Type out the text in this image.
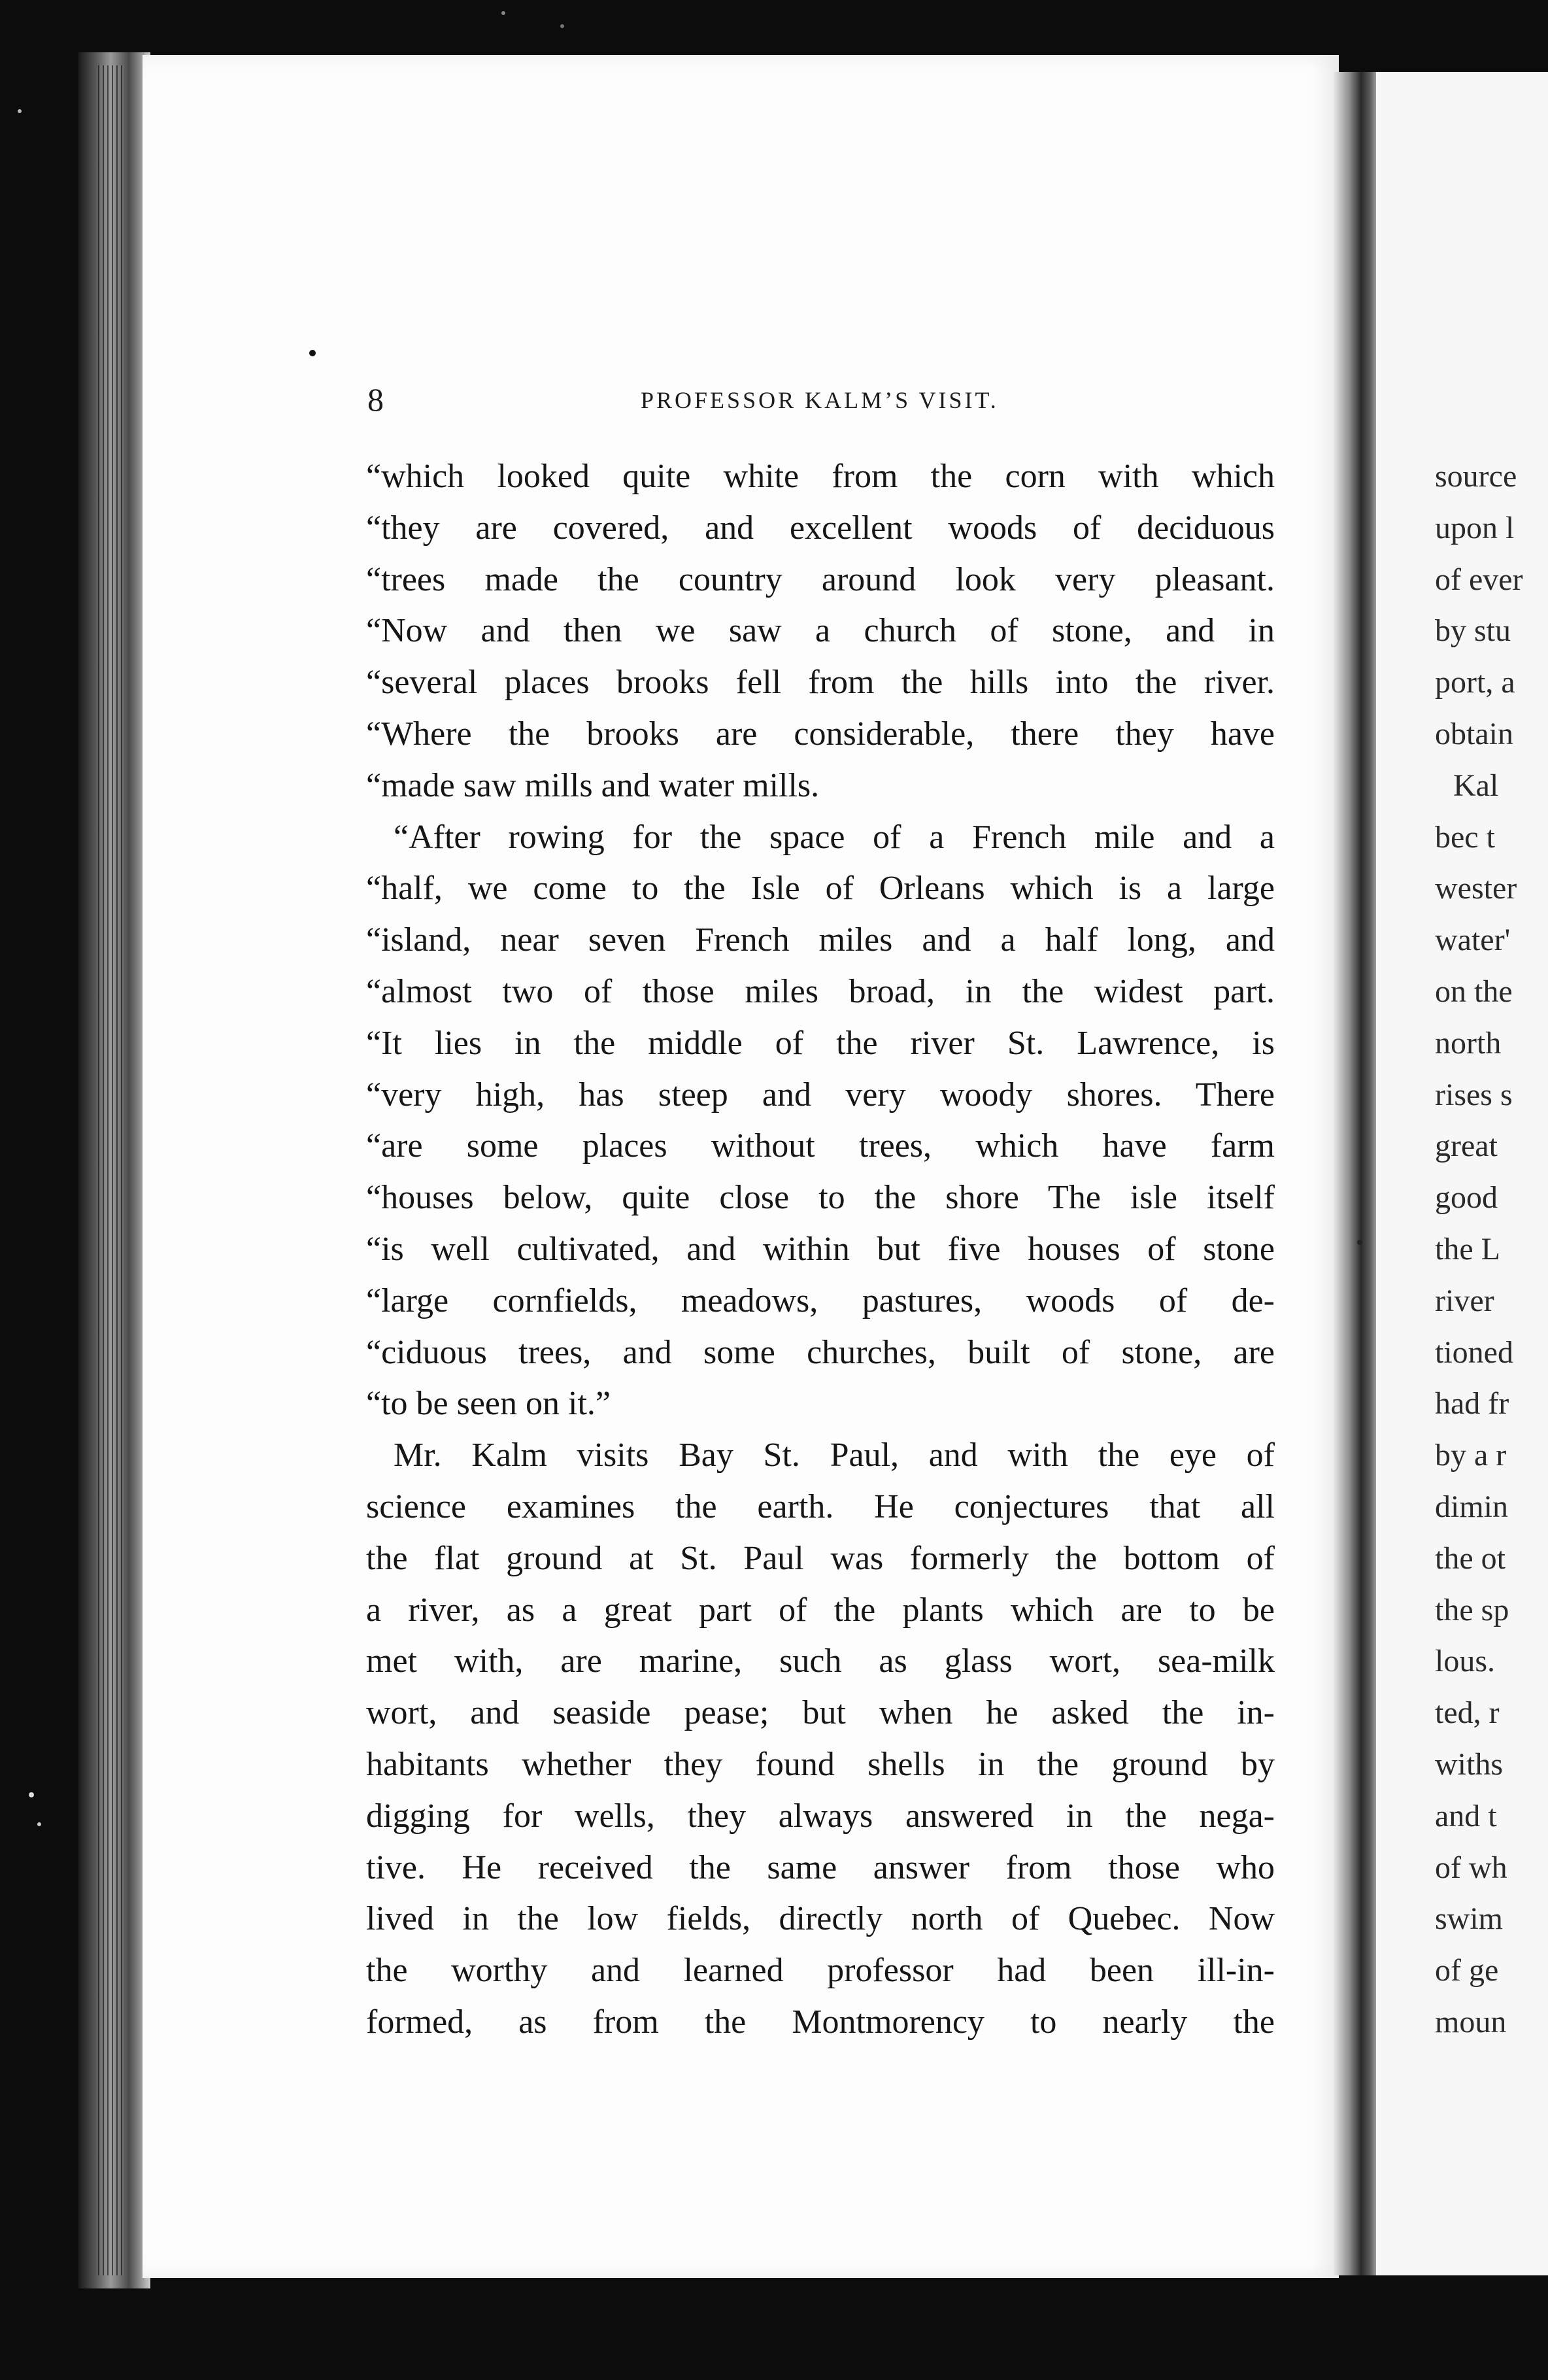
8	PROFESSOR KALM’S VISIT.
“which looked quite white from the corn with which
“they are covered, and excellent woods of deciduous
“trees made the country around look very pleasant.
“Now and then we saw a church of stone, and in
“several places brooks fell from the hills into the river.
“Where the brooks are considerable, there they have
“made saw mills and water mills.
“After rowing for the space of a French mile and a
“half, we come to the Isle of Orleans which is a large
“island, near seven French miles and a half long, and
“almost two of those miles broad, in the widest part.
“It lies in the middle of the river St. Lawrence, is
“very high, has steep and very woody shores. There
“are some places without trees, which have farm
“houses below, quite close to the shore The isle itself
“is well cultivated, and within but five houses of stone
“large cornfields, meadows, pastures, woods of de-
“ciduous trees, and some churches, built of stone, are
“to be seen on it.”
Mr. Kalm visits Bay St. Paul, and with the eye of
science examines the earth. He conjectures that all
the flat ground at St. Paul was formerly the bottom of
a river, as a great part of the plants which are to be
met with, are marine, such as glass wort, sea-milk
wort, and seaside pease; but when he asked the in-
habitants whether they found shells in the ground by
digging for wells, they always answered in the nega-
tive. He received the same answer from those who
lived in the low fields, directly north of Quebec. Now
the worthy and learned professor had been ill-in-
formed, as from the Montmorency to nearly the
source
upon l
of ever
by stu
port, a
obtain
Kal
bec t
wester
water'
on the
north
rises s
great
good
the L
river
tioned
had fr
by a r
dimin
the ot
the sp
lous.
ted, r
withs
and t
of wh
swim
of ge
moun
